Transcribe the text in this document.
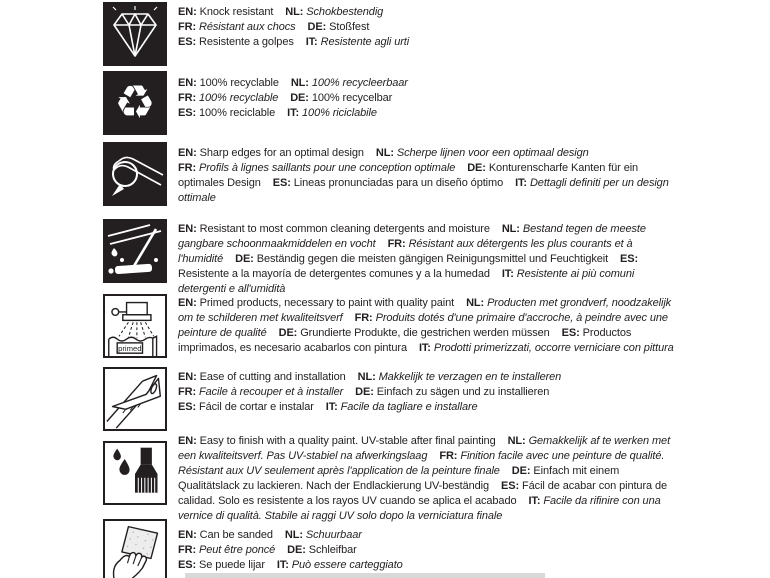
EN: Knock resistant NL: Schokbestendig
FR: Résistant aux chocs DE: Stoßfest
ES: Resistente a golpes IT: Resistente agli urti
♻ EN: 100% recyclable NL: 100% recycleerbaar
FR: 100% recyclable DE: 100% recycelbar
ES: 100% reciclable IT: 100% riciclabile
EN: Sharp edges for an optimal design NL: Scherpe lijnen voor een optimaal design
FR: Profils à lignes saillants pour une conception optimale DE: Konturenscharfe Kanten für ein optimales Design ES: Lineas pronunciadas para un diseño óptimo IT: Dettagli definiti per un design ottimale
EN: Resistant to most common cleaning detergents and moisture NL: Bestand tegen de meeste gangbare schoonmaakmiddelen en vocht FR: Résistant aux détergents les plus courants et à l'humidité DE: Beständig gegen die meisten gängigen Reinigungsmittel und Feuchtigkeit ES: Resistente a la mayoría de detergentes comunes y a la humedad IT: Resistente ai più comuni detergenti e all'umidità
primed
EN: Primed products, necessary to paint with quality paint NL: Producten met grondverf, noodzakelijk om te schilderen met kwaliteitsverf FR: Produits dotés d'une primaire d'accroche, à peindre avec une peinture de qualité DE: Grundierte Produkte, die gestrichen werden müssen ES: Productos imprimados, es necesario acabarlos con pintura IT: Prodotti primerizzati, occorre verniciare con pittura
EN: Ease of cutting and installation NL: Makkelijk te verzagen en te installeren
FR: Facile à recouper et à installer DE: Einfach zu sägen und zu installieren
ES: Fácil de cortar e instalar IT: Facile da tagliare e installare
EN: Easy to finish with a quality paint. UV-stable after final painting NL: Gemakkelijk af te werken met een kwaliteitsverf. Pas UV-stabiel na afwerkingslaag FR: Finition facile avec une peinture de qualité. Résistant aux UV seulement après l'application de la peinture finale DE: Einfach mit einem Qualitätslack zu lackieren. Nach der Endlackierung UV-beständig ES: Fácil de acabar con pintura de calidad. Solo es resistente a los rayos UV cuando se aplica el acabado IT: Facile da rifinire con una vernice di qualità. Stabile ai raggi UV solo dopo la verniciatura finale
EN: Can be sanded NL: Schuurbaar
FR: Peut être poncé DE: Schleifbar
ES: Se puede lijar IT: Può essere carteggiato
